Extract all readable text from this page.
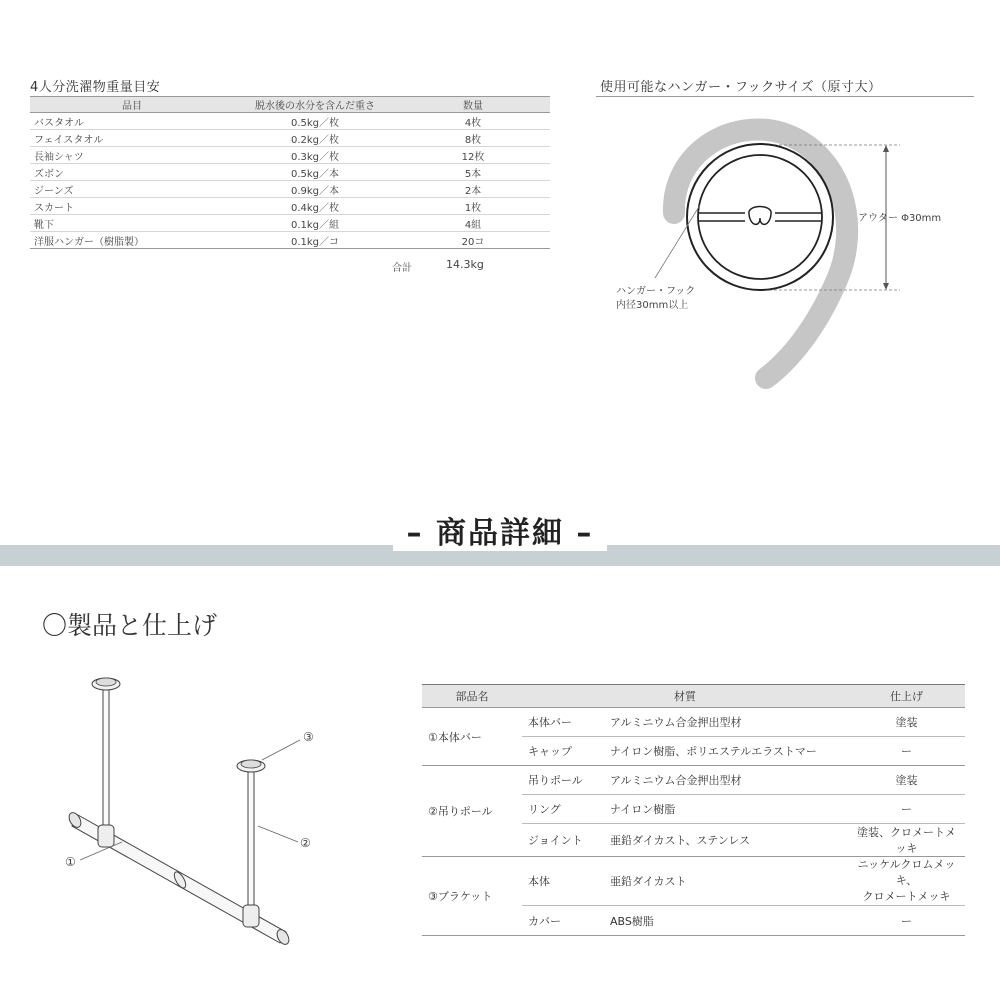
4人分洗濯物重量目安
品目	脱水後の水分を含んだ重さ	数量
バスタオル	0.5kg／枚	4枚
フェイスタオル	0.2kg／枚	8枚
長袖シャツ	0.3kg／枚	12枚
ズボン	0.5kg／本	5本
ジーンズ	0.9kg／本	2本
スカート	0.4kg／枚	1枚
靴下	0.1kg／組	4組
洋服ハンガー（樹脂製）	0.1kg／コ	20コ
合計	14.3kg
使用可能なハンガー・フックサイズ（原寸大）
アウター Φ30mm
ハンガー・フック
内径30mm以上
– 商品詳細 –
〇製品と仕上げ
①
②
③
部品名	材質		仕上げ
①本体バー	本体バー	アルミニウム合金押出型材	塗装
	キャップ	ナイロン樹脂、ポリエステルエラストマー	ー
②吊りポール	吊りポール	アルミニウム合金押出型材	塗装
	リング	ナイロン樹脂	ー
	ジョイント	亜鉛ダイカスト、ステンレス	塗装、クロメートメッキ
③ブラケット	本体	亜鉛ダイカスト	ニッケルクロムメッキ、
クロメートメッキ

	カバー	ABS樹脂	ー
